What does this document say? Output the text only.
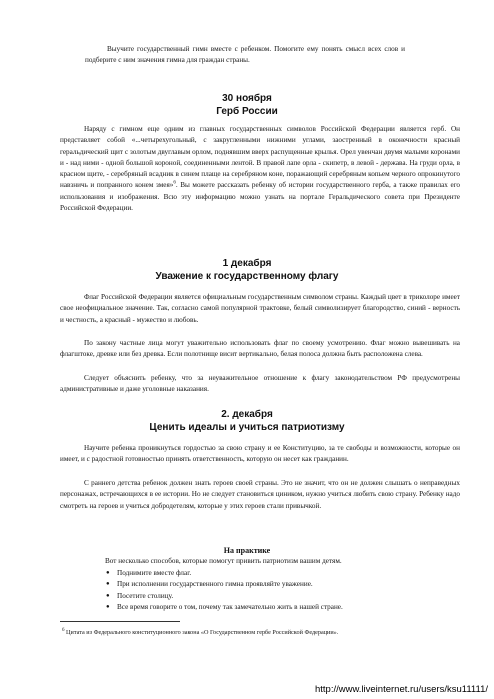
Выучите государственный гимн вместе с ребенком. Помогите ему понять смысл всех слов и подберите с ним значения гимна для граждан страны.

30 ноября
Герб России

Наряду с гимном еще одним из главных государственных символов Российской Федерации является герб. Он представляет собой «...четырехугольный, с закругленными нижними углами, заостренный в оконечности красный геральдический щит с золотым двуглавым орлом, поднявшим вверх распущенные крылья. Орел увенчан двумя малыми коронами и - над ними - одной большой короной, соединенными лентой. В правой лапе орла - скипетр, в левой - держава. На груди орла, в красном щите, - серебряный всадник в синем плаще на серебряном коне, поражающий серебряным копьем черного опрокинутого навзничь и попранного конем змея»$^6$. Вы можете рассказать ребенку об истории государственного герба, а также правилах его использования и изображения. Всю эту информацию можно узнать на портале Геральдического совета при Президенте Российской Федерации.

1 декабря
Уважение к государственному флагу

Флаг Российской Федерации является официальным государственным символом страны. Каждый цвет в триколоре имеет свое неофициальное значение. Так, согласно самой популярной трактовке, белый символизирует благородство, синий - верность и честность, а красный - мужество и любовь.

По закону частные лица могут уважительно использовать флаг по своему усмотрению. Флаг можно вывешивать на флагштоке, древке или без древка. Если полотнище висит вертикально, белая полоса должна быть расположена слева.

Следует объяснить ребенку, что за неуважительное отношение к флагу законодательством РФ предусмотрены административные и даже уголовные наказания.

2. декабря
Ценить идеалы и учиться патриотизму

Научите ребенка проникнуться гордостью за свою страну и ее Конституцию, за те свободы и возможности, которые он имеет, и с радостной готовностью принять ответственность, которую он несет как гражданин.

С раннего детства ребенок должен знать героев своей страны. Это не значит, что он не должен слышать о неправедных персонажах, встречающихся в ее истории. Но не следует становиться циником, нужно учиться любить свою страну. Ребенку надо смотреть на героев и учиться добродетелям, которые у этих героев стали привычкой.

На практике

Вот несколько способов, которые помогут привить патриотизм вашим детям.

● Поднимите вместе флаг.
● При исполнении государственного гимна проявляйте уважение.
● Посетите столицу.
● Все время говорите о том, почему так замечательно жить в нашей стране.
$^6$ Цитата из Федерального конституционного закона «О Государственном гербе Российской Федерации».
http://www.liveinternet.ru/users/ksu11111/
